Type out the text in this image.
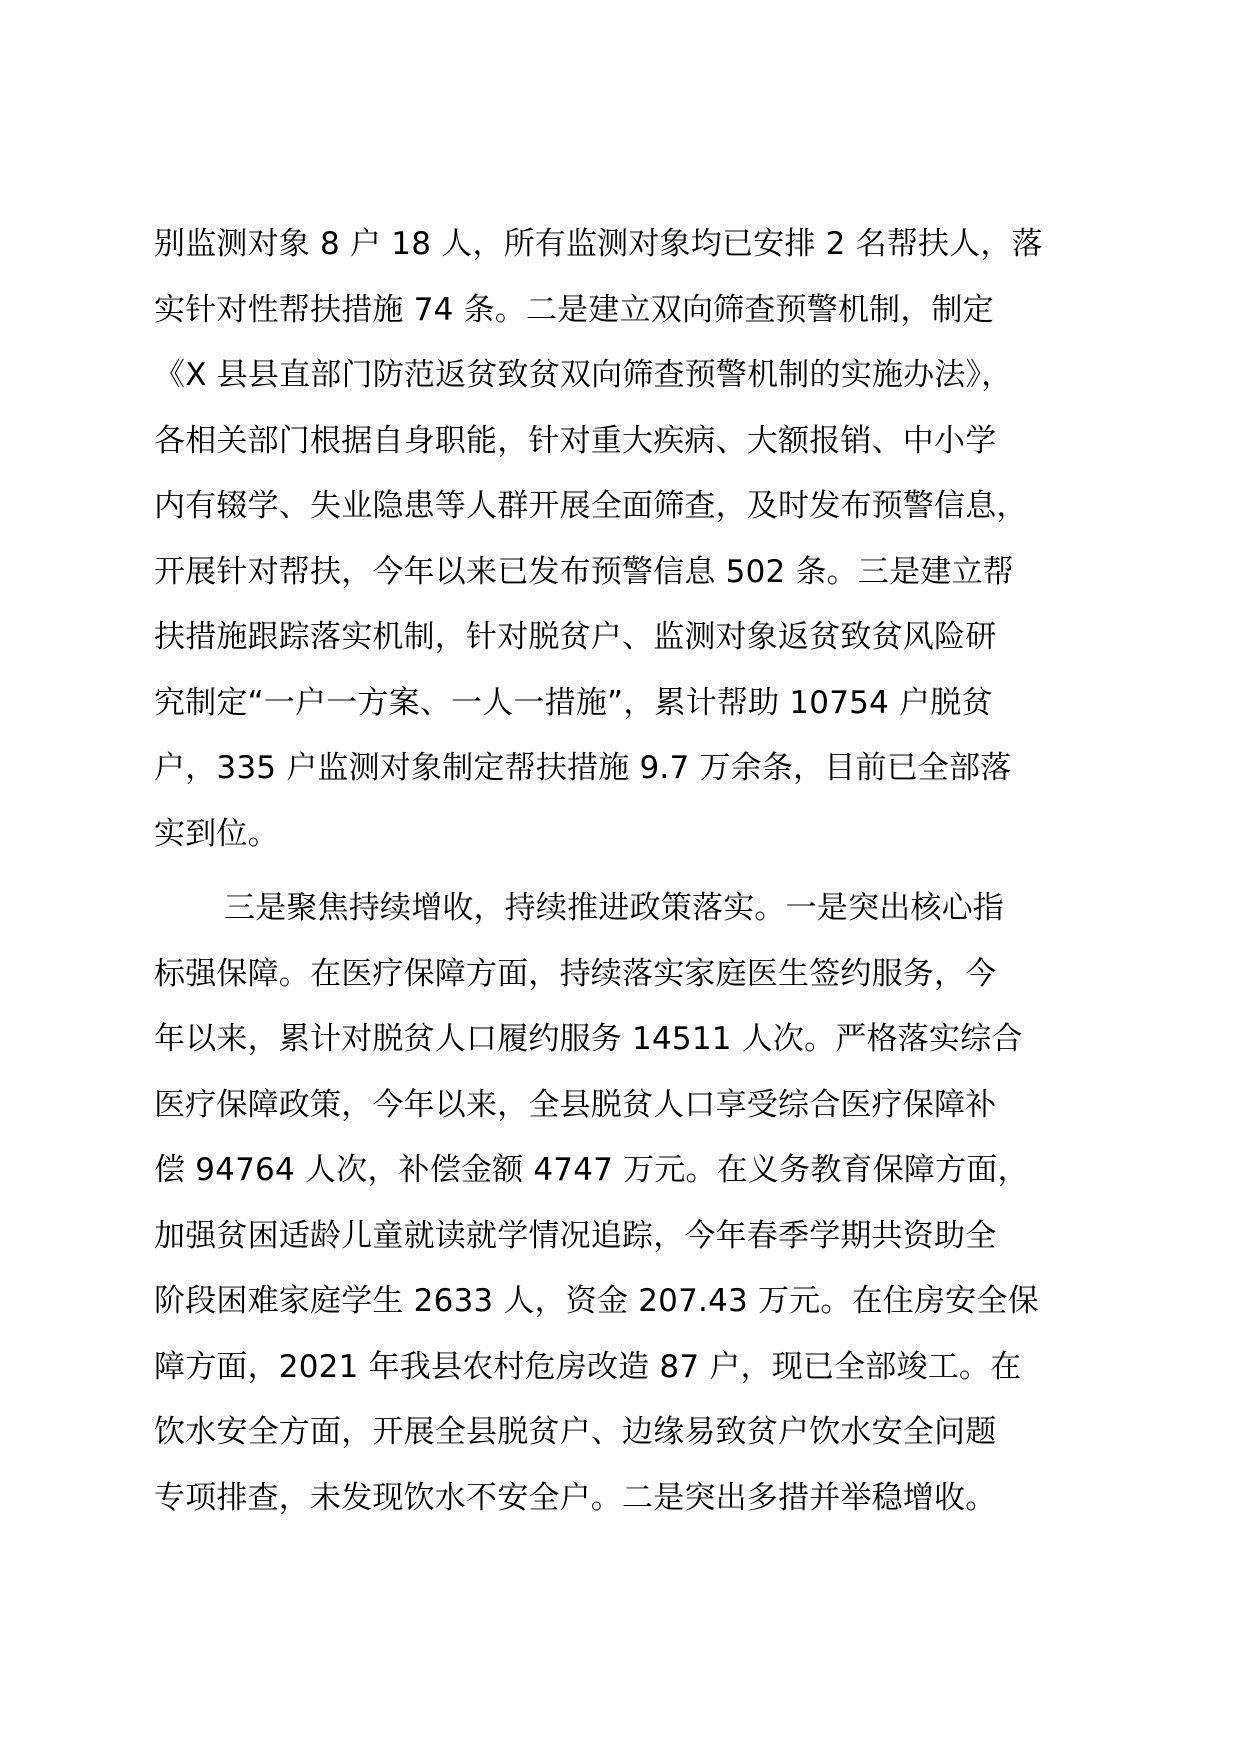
别监测对象 8 户 18 人，所有监测对象均已安排 2 名帮扶人，落
实针对性帮扶措施 74 条。二是建立双向筛查预警机制，制定
《X 县县直部门防范返贫致贫双向筛查预警机制的实施办法》，
各相关部门根据自身职能，针对重大疾病、大额报销、中小学
内有辍学、失业隐患等人群开展全面筛查，及时发布预警信息，
开展针对帮扶，今年以来已发布预警信息 502 条。三是建立帮
扶措施跟踪落实机制，针对脱贫户、监测对象返贫致贫风险研
究制定“一户一方案、一人一措施”，累计帮助 10754 户脱贫
户，335 户监测对象制定帮扶措施 9.7 万余条，目前已全部落
实到位。
三是聚焦持续增收，持续推进政策落实。一是突出核心指
标强保障。在医疗保障方面，持续落实家庭医生签约服务，今
年以来，累计对脱贫人口履约服务 14511 人次。严格落实综合
医疗保障政策，今年以来，全县脱贫人口享受综合医疗保障补
偿 94764 人次，补偿金额 4747 万元。在义务教育保障方面，
加强贫困适龄儿童就读就学情况追踪，今年春季学期共资助全
阶段困难家庭学生 2633 人，资金 207.43 万元。在住房安全保
障方面，2021 年我县农村危房改造 87 户，现已全部竣工。在
饮水安全方面，开展全县脱贫户、边缘易致贫户饮水安全问题
专项排查，未发现饮水不安全户。二是突出多措并举稳增收。
